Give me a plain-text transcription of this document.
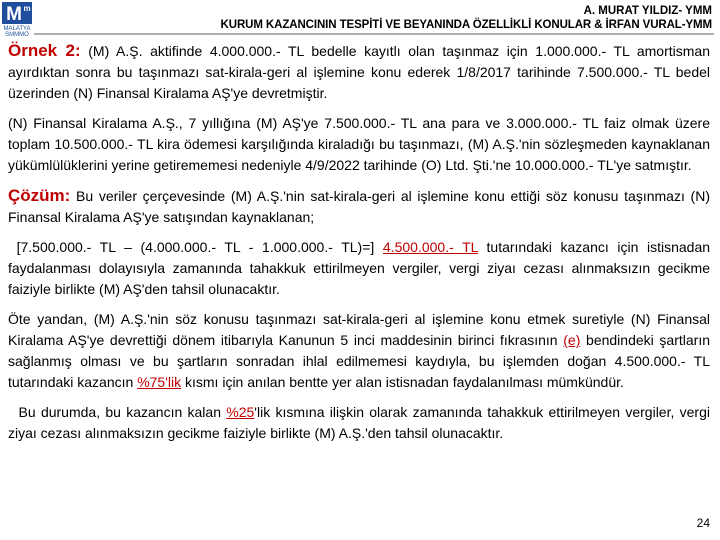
M m
MALATYA
SMMMO
A. MURAT YILDIZ- YMM
KURUM KAZANCININ TESPİTİ VE BEYANINDA ÖZELLİKLİ KONULAR & İRFAN VURAL-YMM

Örnek 2: (M) A.Ş. aktifinde 4.000.000.- TL bedelle kayıtlı olan taşınmaz için 1.000.000.- TL amortisman ayırdıktan sonra bu taşınmazı sat-kirala-geri al işlemine konu ederek 1/8/2017 tarihinde 7.500.000.- TL bedel üzerinden (N) Finansal Kiralama AŞ'ye devretmiştir.

(N) Finansal Kiralama A.Ş., 7 yıllığına (M) AŞ'ye 7.500.000.- TL ana para ve 3.000.000.- TL faiz olmak üzere toplam 10.500.000.- TL kira ödemesi karşılığında kiraladığı bu taşınmazı, (M) A.Ş.'nin sözleşmeden kaynaklanan yükümlülüklerini yerine getirememesi nedeniyle 4/9/2022 tarihinde (O) Ltd. Şti.'ne 10.000.000.- TL'ye satmıştır.

Çözüm: Bu veriler çerçevesinde (M) A.Ş.'nin sat-kirala-geri al işlemine konu ettiği söz konusu taşınmazı (N) Finansal Kiralama AŞ'ye satışından kaynaklanan;

[7.500.000.- TL – (4.000.000.- TL - 1.000.000.- TL)=] 4.500.000.- TL tutarındaki kazancı için istisnadan faydalanması dolayısıyla zamanında tahakkuk ettirilmeyen vergiler, vergi ziyaı cezası alınmaksızın gecikme faiziyle birlikte (M) AŞ'den tahsil olunacaktır.

Öte yandan, (M) A.Ş.'nin söz konusu taşınmazı sat-kirala-geri al işlemine konu etmek suretiyle (N) Finansal Kiralama AŞ'ye devrettiği dönem itibarıyla Kanunun 5 inci maddesinin birinci fıkrasının (e) bendindeki şartların sağlanmış olması ve bu şartların sonradan ihlal edilmemesi kaydıyla, bu işlemden doğan 4.500.000.- TL tutarındaki kazancın %75'lik kısmı için anılan bentte yer alan istisnadan faydalanılması mümkündür.

Bu durumda, bu kazancın kalan %25'lik kısmına ilişkin olarak zamanında tahakkuk ettirilmeyen vergiler, vergi ziyaı cezası alınmaksızın gecikme faiziyle birlikte (M) A.Ş.'den tahsil olunacaktır.

24
